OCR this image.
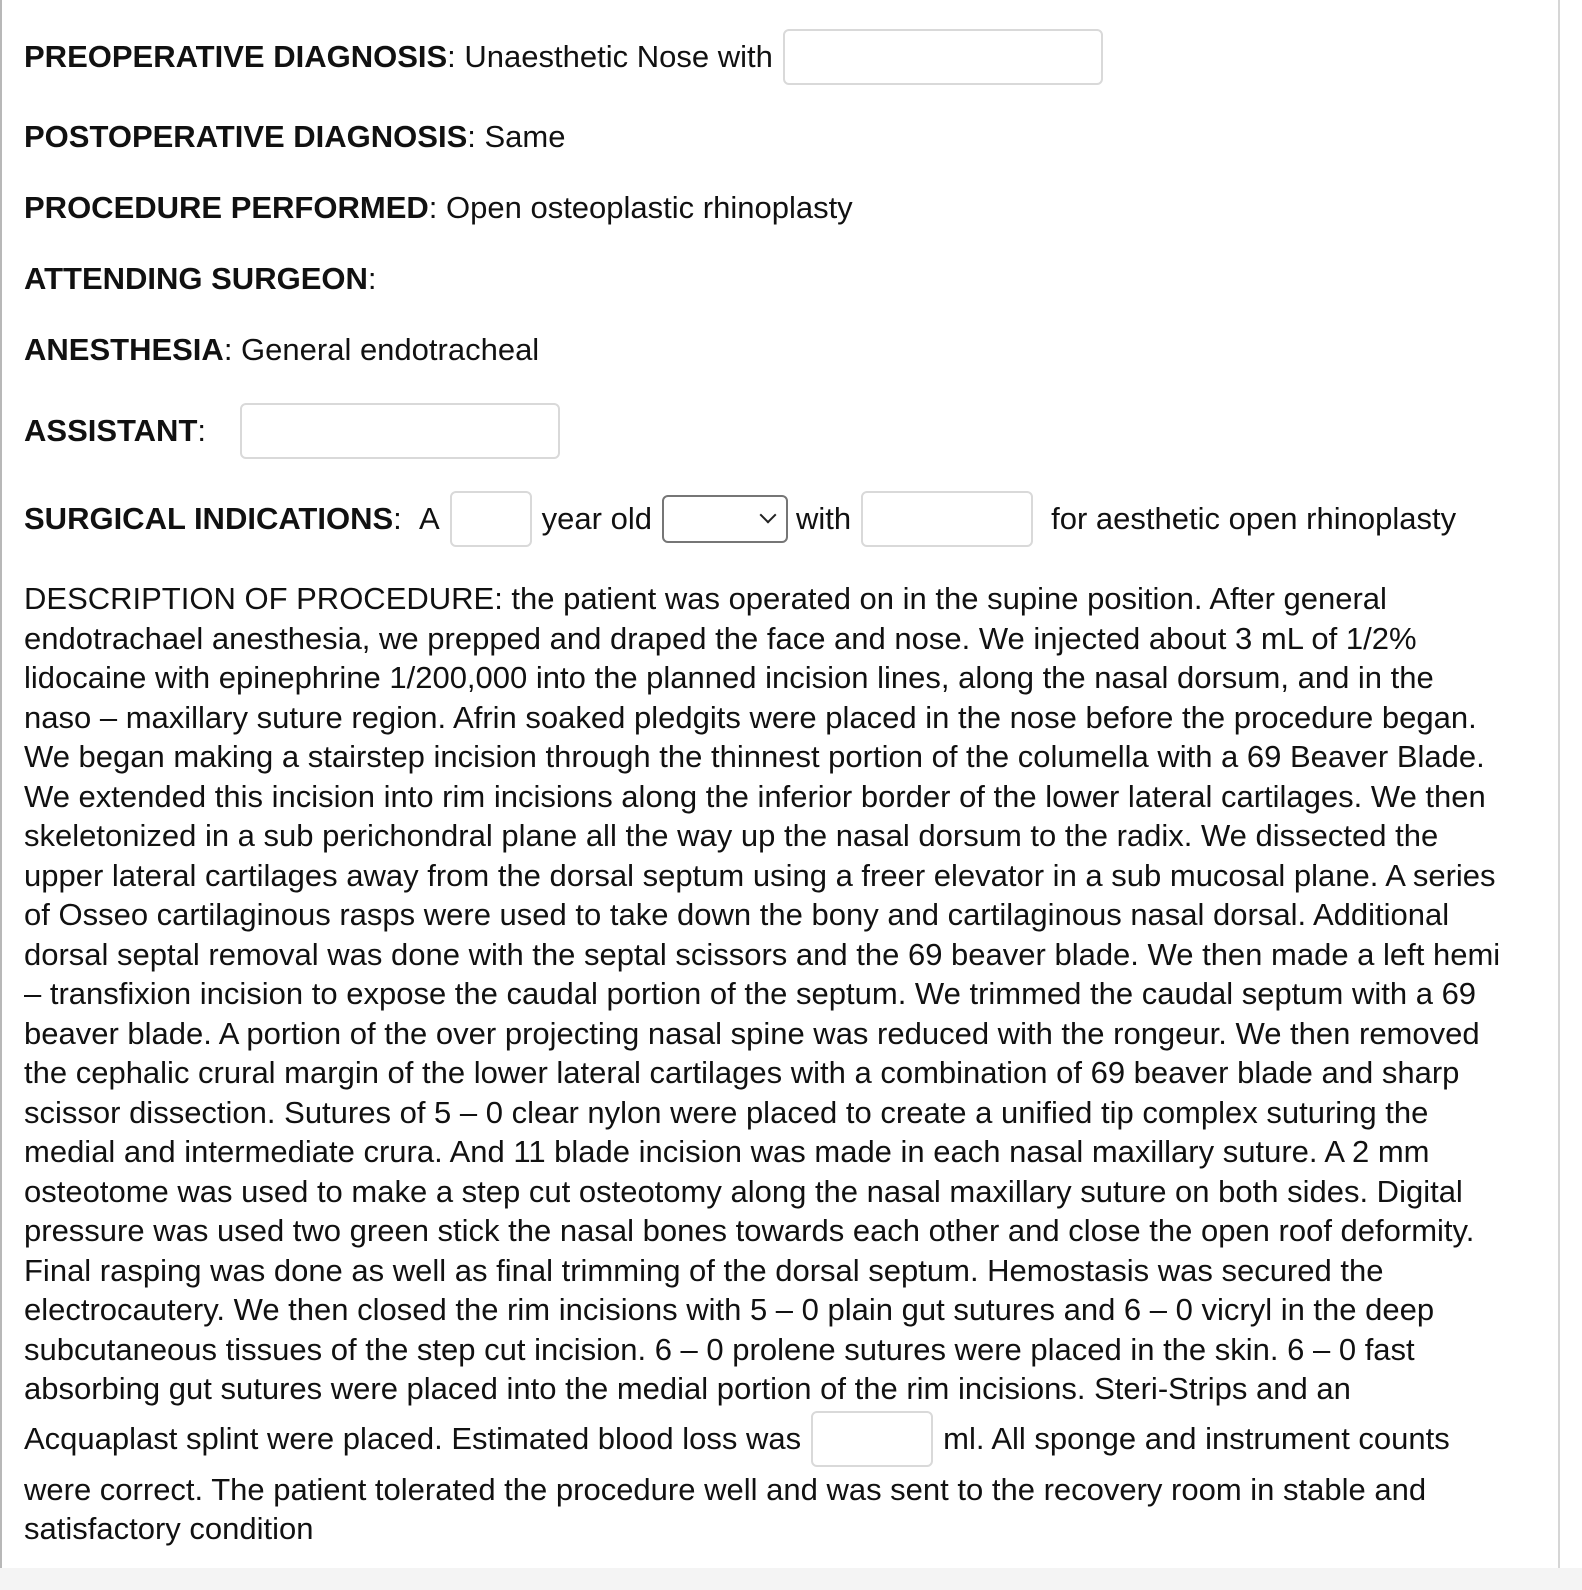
PREOPERATIVE DIAGNOSIS : Unaesthetic Nose with
POSTOPERATIVE DIAGNOSIS : Same
PROCEDURE PERFORMED : Open osteoplastic rhinoplasty
ATTENDING SURGEON :
ANESTHESIA : General endotracheal
ASSISTANT :
SURGICAL INDICATIONS : A	year old	with	for aesthetic open rhinoplasty
DESCRIPTION OF PROCEDURE: the patient was operated on in the supine position. After general
endotrachael anesthesia, we prepped and draped the face and nose. We injected about 3 mL of 1/2%
lidocaine with epinephrine 1/200,000 into the planned incision lines, along the nasal dorsum, and in the
naso – maxillary suture region. Afrin soaked pledgits were placed in the nose before the procedure began.
We began making a stairstep incision through the thinnest portion of the columella with a 69 Beaver Blade.
We extended this incision into rim incisions along the inferior border of the lower lateral cartilages. We then
skeletonized in a sub perichondral plane all the way up the nasal dorsum to the radix. We dissected the
upper lateral cartilages away from the dorsal septum using a freer elevator in a sub mucosal plane. A series
of Osseo cartilaginous rasps were used to take down the bony and cartilaginous nasal dorsal. Additional
dorsal septal removal was done with the septal scissors and the 69 beaver blade. We then made a left hemi
– transfixion incision to expose the caudal portion of the septum. We trimmed the caudal septum with a 69
beaver blade. A portion of the over projecting nasal spine was reduced with the rongeur. We then removed
the cephalic crural margin of the lower lateral cartilages with a combination of 69 beaver blade and sharp
scissor dissection. Sutures of 5 – 0 clear nylon were placed to create a unified tip complex suturing the
medial and intermediate crura. And 11 blade incision was made in each nasal maxillary suture. A 2 mm
osteotome was used to make a step cut osteotomy along the nasal maxillary suture on both sides. Digital
pressure was used two green stick the nasal bones towards each other and close the open roof deformity.
Final rasping was done as well as final trimming of the dorsal septum. Hemostasis was secured the
electrocautery. We then closed the rim incisions with 5 – 0 plain gut sutures and 6 – 0 vicryl in the deep
subcutaneous tissues of the step cut incision. 6 – 0 prolene sutures were placed in the skin. 6 – 0 fast
absorbing gut sutures were placed into the medial portion of the rim incisions. Steri-Strips and an
Acquaplast splint were placed. Estimated blood loss was	ml. All sponge and instrument counts
were correct. The patient tolerated the procedure well and was sent to the recovery room in stable and
satisfactory condition
